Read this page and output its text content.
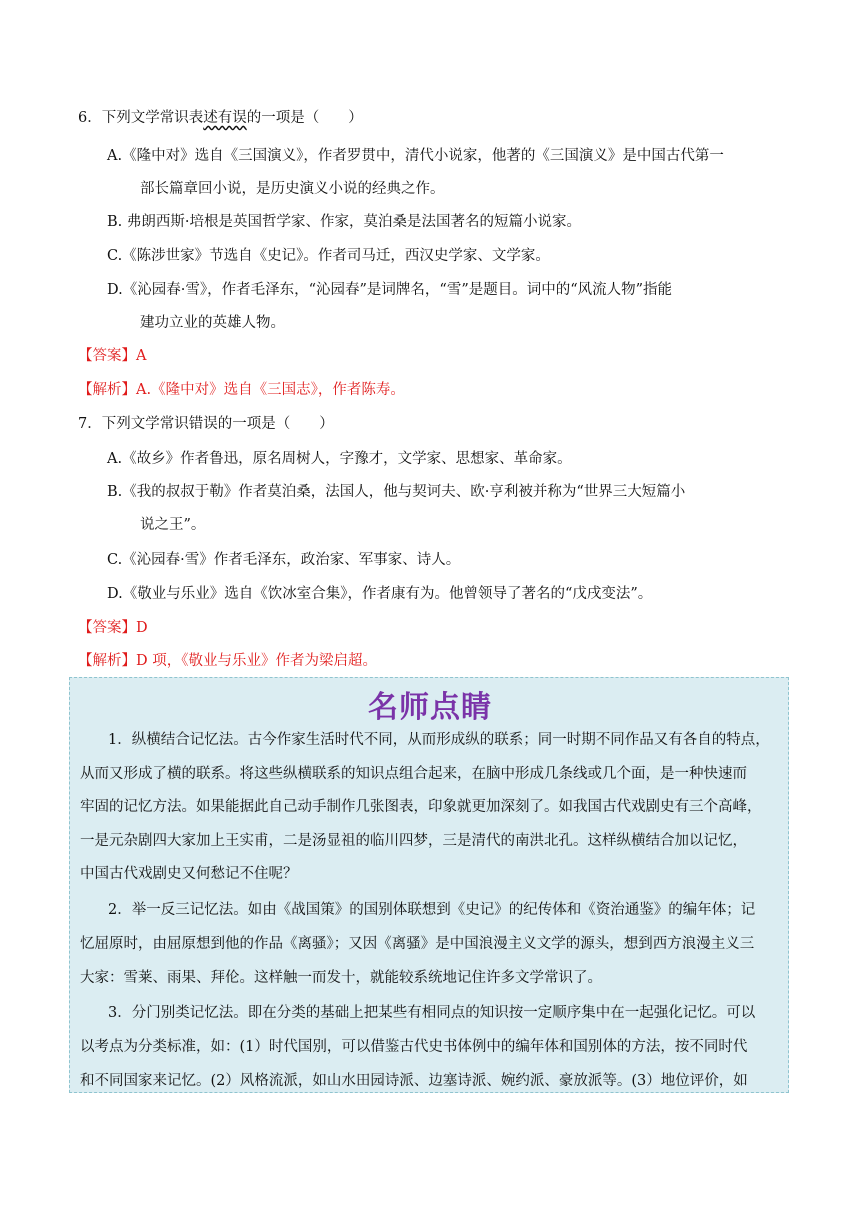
6．下列文学常识表述有误的一项是（　　）
A.《隆中对》选自《三国演义》，作者罗贯中，清代小说家，他著的《三国演义》是中国古代第一
部长篇章回小说，是历史演义小说的经典之作。
B. 弗朗西斯·培根是英国哲学家、作家，莫泊桑是法国著名的短篇小说家。
C.《陈涉世家》节选自《史记》。作者司马迁，西汉史学家、文学家。
D.《沁园春·雪》，作者毛泽东，“沁园春”是词牌名，“雪”是题目。词中的“风流人物”指能
建功立业的英雄人物。
【答案】A
【解析】A.《隆中对》选自《三国志》，作者陈寿。
7．下列文学常识错误的一项是（　　）
A.《故乡》作者鲁迅，原名周树人，字豫才，文学家、思想家、革命家。
B.《我的叔叔于勒》作者莫泊桑，法国人，他与契诃夫、欧·亨利被并称为“世界三大短篇小
说之王”。
C.《沁园春·雪》作者毛泽东，政治家、军事家、诗人。
D.《敬业与乐业》选自《饮冰室合集》，作者康有为。他曾领导了著名的“戊戌变法”。
【答案】D
【解析】D 项，《敬业与乐业》作者为梁启超。
名师点睛
1．纵横结合记忆法。古今作家生活时代不同，从而形成纵的联系；同一时期不同作品又有各自的特点，
从而又形成了横的联系。将这些纵横联系的知识点组合起来，在脑中形成几条线或几个面，是一种快速而
牢固的记忆方法。如果能据此自己动手制作几张图表，印象就更加深刻了。如我国古代戏剧史有三个高峰，
一是元杂剧四大家加上王实甫，二是汤显祖的临川四梦，三是清代的南洪北孔。这样纵横结合加以记忆，
中国古代戏剧史又何愁记不住呢？
2．举一反三记忆法。如由《战国策》的国别体联想到《史记》的纪传体和《资治通鉴》的编年体；记
忆屈原时，由屈原想到他的作品《离骚》；又因《离骚》是中国浪漫主义文学的源头，想到西方浪漫主义三
大家：雪莱、雨果、拜伦。这样触一而发十，就能较系统地记住许多文学常识了。
3．分门别类记忆法。即在分类的基础上把某些有相同点的知识按一定顺序集中在一起强化记忆。可以
以考点为分类标准，如：(1）时代国别，可以借鉴古代史书体例中的编年体和国别体的方法，按不同时代
和不同国家来记忆。(2）风格流派，如山水田园诗派、边塞诗派、婉约派、豪放派等。(3）地位评价，如
